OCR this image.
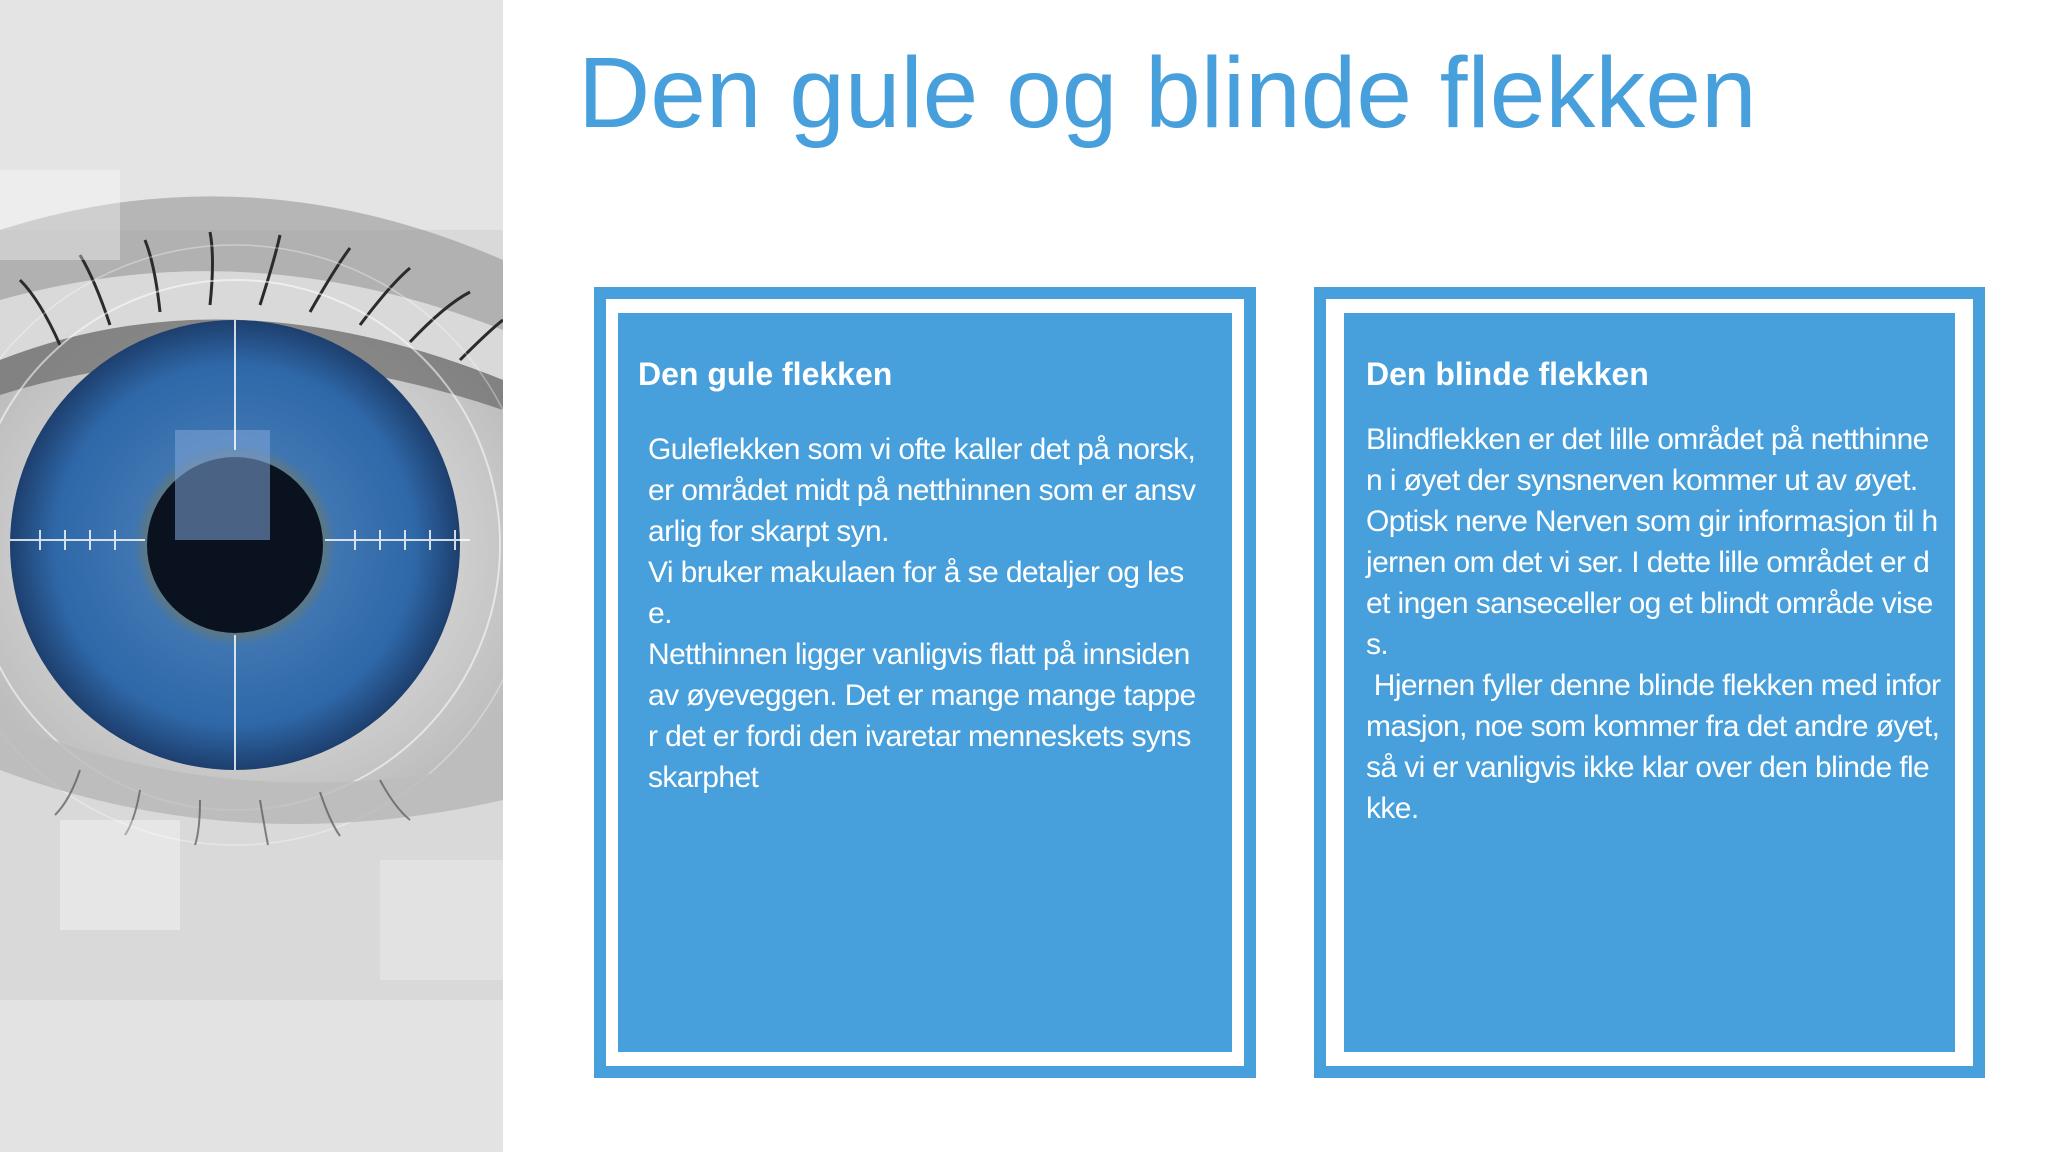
Den gule og blinde flekken
Den gule flekken

Guleflekken som vi ofte kaller det på norsk, er området midt på netthinnen som er ansvarlig for skarpt syn.

Vi bruker makulaen for å se detaljer og lese.

Netthinnen ligger vanligvis flatt på innsiden av øyeveggen. Det er mange mange tapper det er fordi den ivaretar menneskets synsskarphet

Den blinde flekken

Blindflekken er det lille området på netthinnen i øyet der synsnerven kommer ut av øyet. Optisk nerve Nerven som gir informasjon til hjernen om det vi ser. I dette lille området er det ingen sanseceller og et blindt område vises.

Hjernen fyller denne blinde flekken med informasjon, noe som kommer fra det andre øyet, så vi er vanligvis ikke klar over den blinde flekke.
